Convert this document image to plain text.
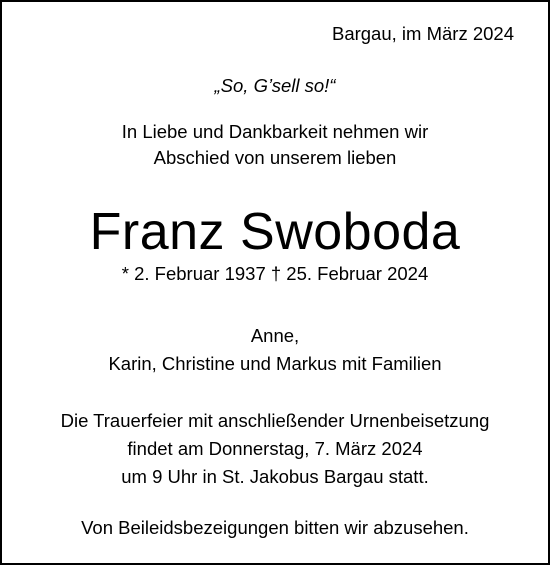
Bargau, im März 2024
„So, G’sell so!“
In Liebe und Dankbarkeit nehmen wir
Abschied von unserem lieben
Franz Swoboda
* 2. Februar 1937 † 25. Februar 2024
Anne,
Karin, Christine und Markus mit Familien
Die Trauerfeier mit anschließender Urnenbeisetzung
findet am Donnerstag, 7. März 2024
um 9 Uhr in St. Jakobus Bargau statt.
Von Beileidsbezeigungen bitten wir abzusehen.
